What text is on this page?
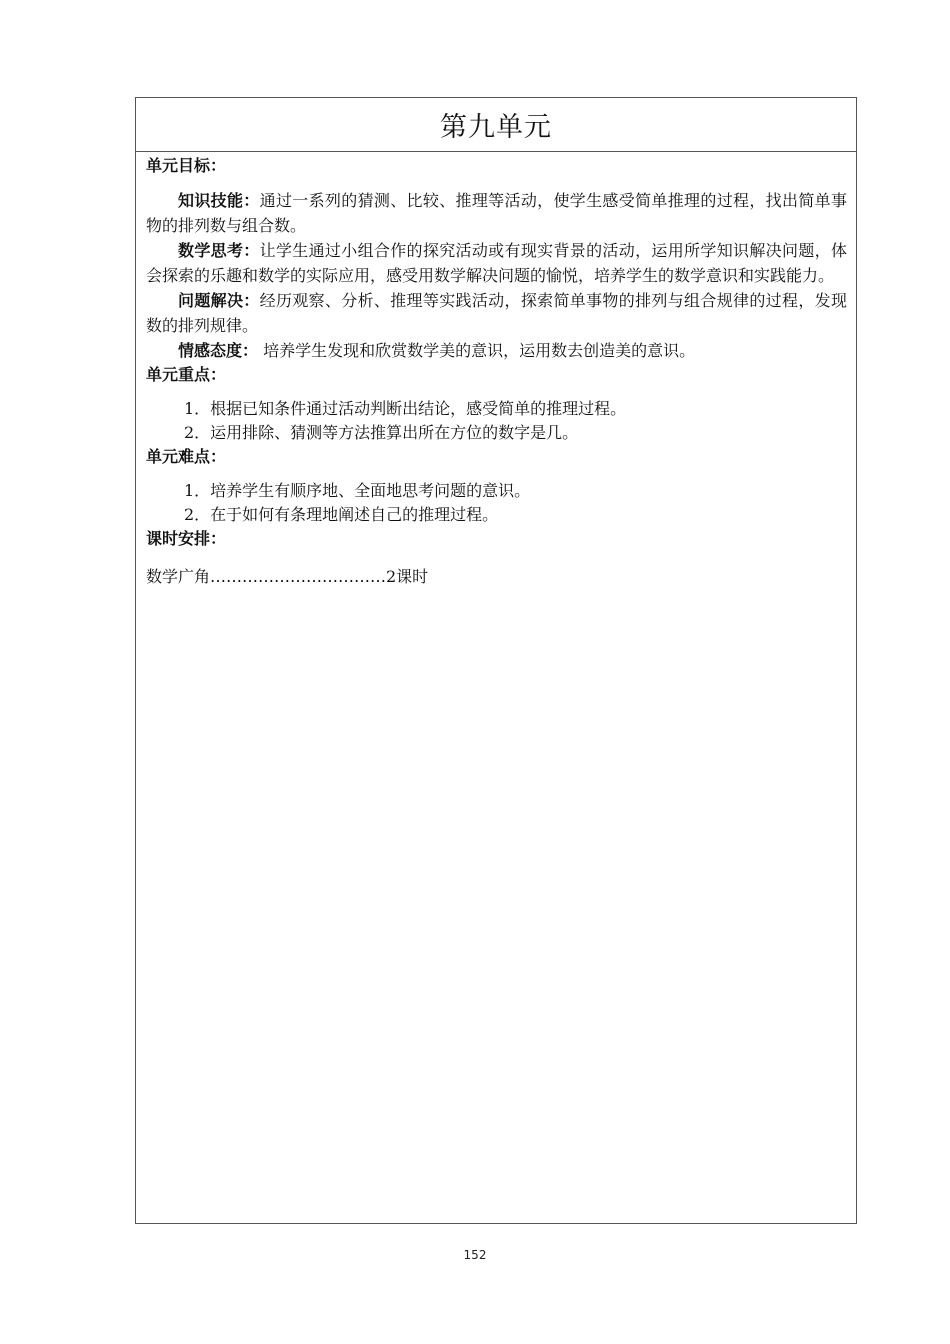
第九单元

单元目标：

知识技能：通过一系列的猜测、比较、推理等活动，使学生感受简单推理的过程，找出简单事物的排列数与组合数。

数学思考：让学生通过小组合作的探究活动或有现实背景的活动，运用所学知识解决问题，体会探索的乐趣和数学的实际应用，感受用数学解决问题的愉悦，培养学生的数学意识和实践能力。

问题解决：经历观察、分析、推理等实践活动，探索简单事物的排列与组合规律的过程，发现数的排列规律。

情感态度： 培养学生发现和欣赏数学美的意识，运用数去创造美的意识。

单元重点：

1．根据已知条件通过活动判断出结论，感受简单的推理过程。

2．运用排除、猜测等方法推算出所在方位的数字是几。

单元难点：

1．培养学生有顺序地、全面地思考问题的意识。

2．在于如何有条理地阐述自己的推理过程。

课时安排：

数学广角……………………………2课时

152
